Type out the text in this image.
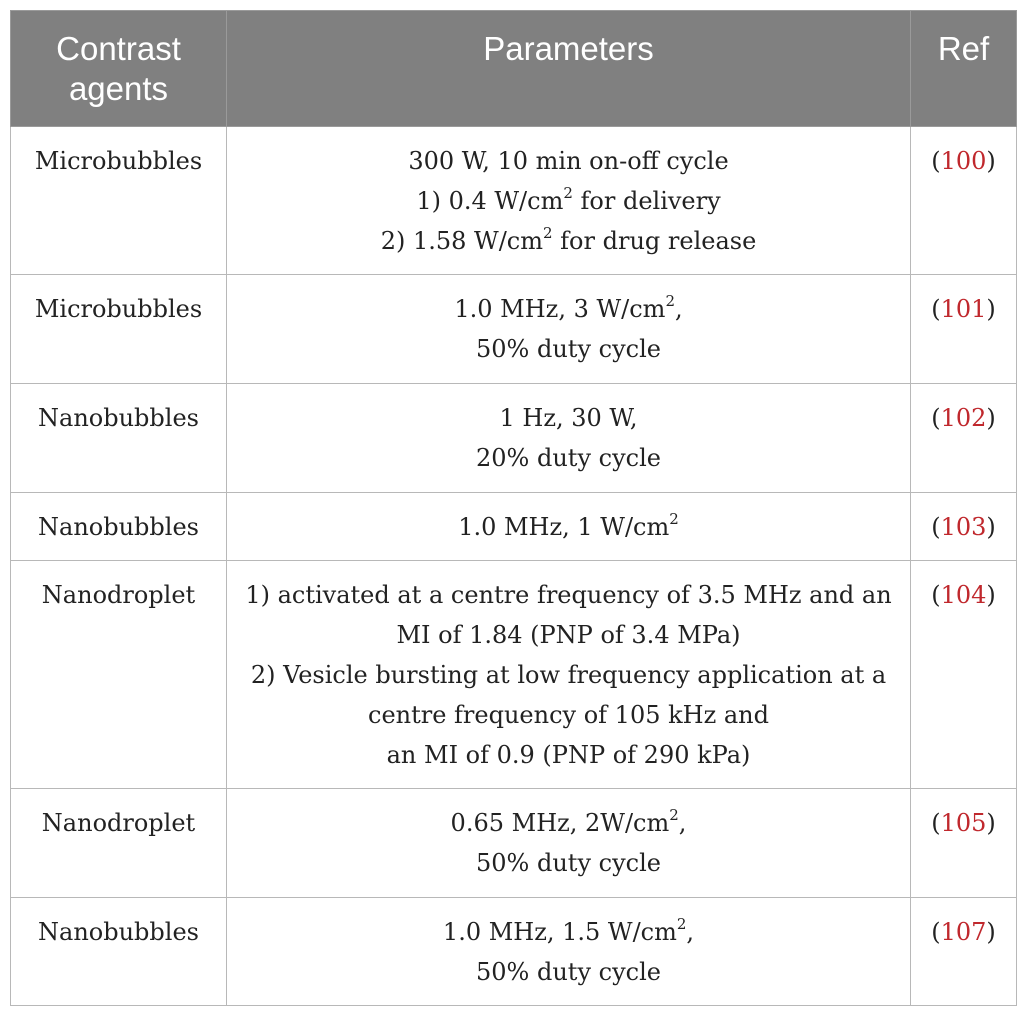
Contrast agents	Parameters	Ref
Microbubbles	300 W, 10 min on-off cycle
1) 0.4 $W/cm^2$ for delivery
2) 1.58 $W/cm^2$ for drug release	(100)
Microbubbles	1.0 MHz, 3 $W/cm^2$,
50% duty cycle	(101)
Nanobubbles	1 Hz, 30 W,
20% duty cycle	(102)
Nanobubbles	1.0 MHz, 1 $W/cm^2$	(103)
Nanodroplet	1) activated at a centre frequency of 3.5 MHz and an
MI of 1.84 (PNP of 3.4 MPa)
2) Vesicle bursting at low frequency application at a
centre frequency of 105 kHz and
an MI of 0.9 (PNP of 290 kPa)	(104)
Nanodroplet	0.65 MHz, $2W/cm^2$,
50% duty cycle	(105)
Nanobubbles	1.0 MHz, 1.5 $W/cm^2$,
50% duty cycle	(107)
